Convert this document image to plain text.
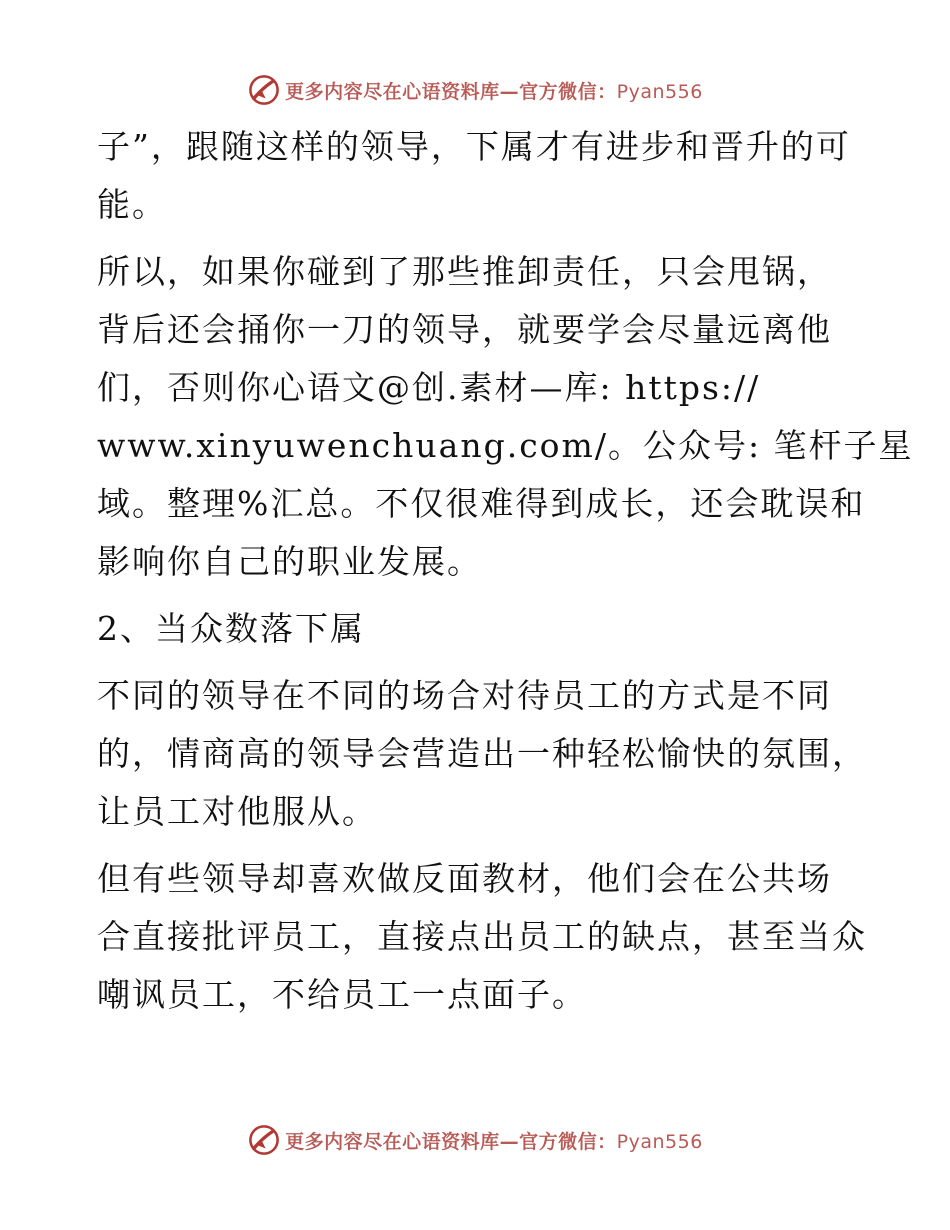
更多内容尽在心语资料库—官方微信：Pyan556
子”，跟随这样的领导，下属才有进步和晋升的可
能。
所以，如果你碰到了那些推卸责任，只会甩锅，
背后还会捅你一刀的领导，就要学会尽量远离他
们，否则你心语文@创.素材—库: https://
www.xinyuwenchuang.com/。公众号: 笔杆子星
域。整理%汇总。不仅很难得到成长，还会耽误和
影响你自己的职业发展。
2、当众数落下属
不同的领导在不同的场合对待员工的方式是不同
的，情商高的领导会营造出一种轻松愉快的氛围，
让员工对他服从。
但有些领导却喜欢做反面教材，他们会在公共场
合直接批评员工，直接点出员工的缺点，甚至当众
嘲讽员工，不给员工一点面子。
更多内容尽在心语资料库—官方微信：Pyan556
